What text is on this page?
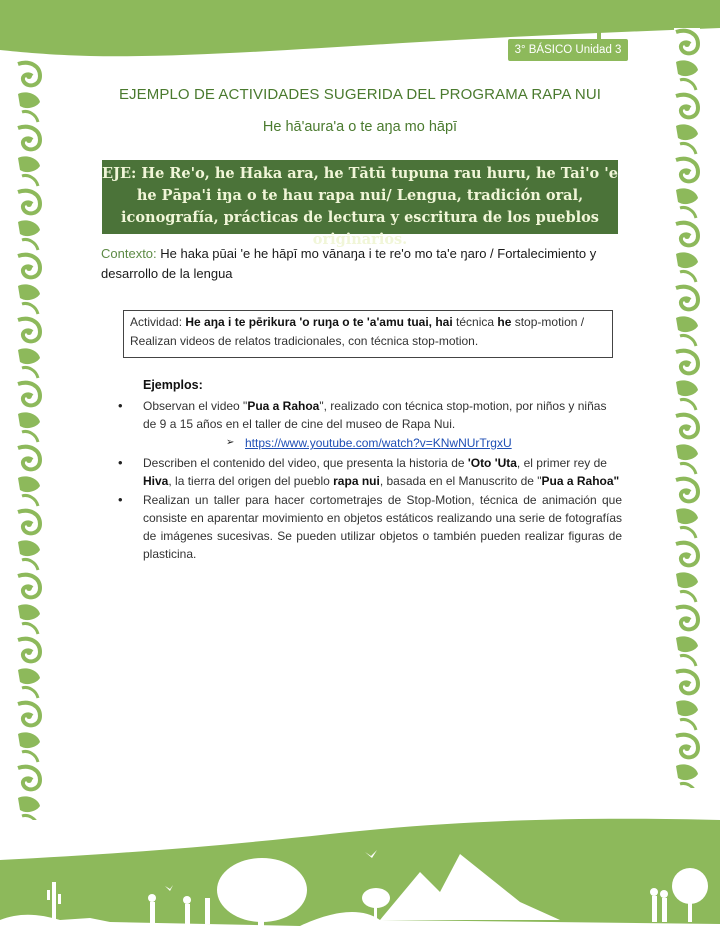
3° BÁSICO Unidad 3
EJEMPLO DE ACTIVIDADES SUGERIDA DEL PROGRAMA RAPA NUI
He hā'aura'a o te aŋa mo hāpī
EJE: He Re'o, he Haka ara, he Tātū tupuna rau huru, he Tai'o 'e he Pāpa'i iŋa o te hau rapa nui/ Lengua, tradición oral, iconografía, prácticas de lectura y escritura de los pueblos originarios.
Contexto: He haka pūai 'e he hāpī mo vānaŋa i te re'o mo ta'e ŋaro / Fortalecimiento y desarrollo de la lengua
Actividad: He aŋa i te pērikura 'o ruŋa o te 'a'amu tuai, hai técnica he stop-motion / Realizan videos de relatos tradicionales, con técnica stop-motion.
Ejemplos:
• Observan el video "Pua a Rahoa", realizado con técnica stop-motion, por niños y niñas de 9 a 15 años en el taller de cine del museo de Rapa Nui.
➢ https://www.youtube.com/watch?v=KNwNUrTrgxU
• Describen el contenido del video, que presenta la historia de 'Oto 'Uta, el primer rey de Hiva, la tierra del origen del pueblo rapa nui, basada en el Manuscrito de "Pua a Rahoa"
• Realizan un taller para hacer cortometrajes de Stop-Motion, técnica de animación que consiste en aparentar movimiento en objetos estáticos realizando una serie de fotografías de imágenes sucesivas. Se pueden utilizar objetos o también pueden realizar figuras de plasticina.
